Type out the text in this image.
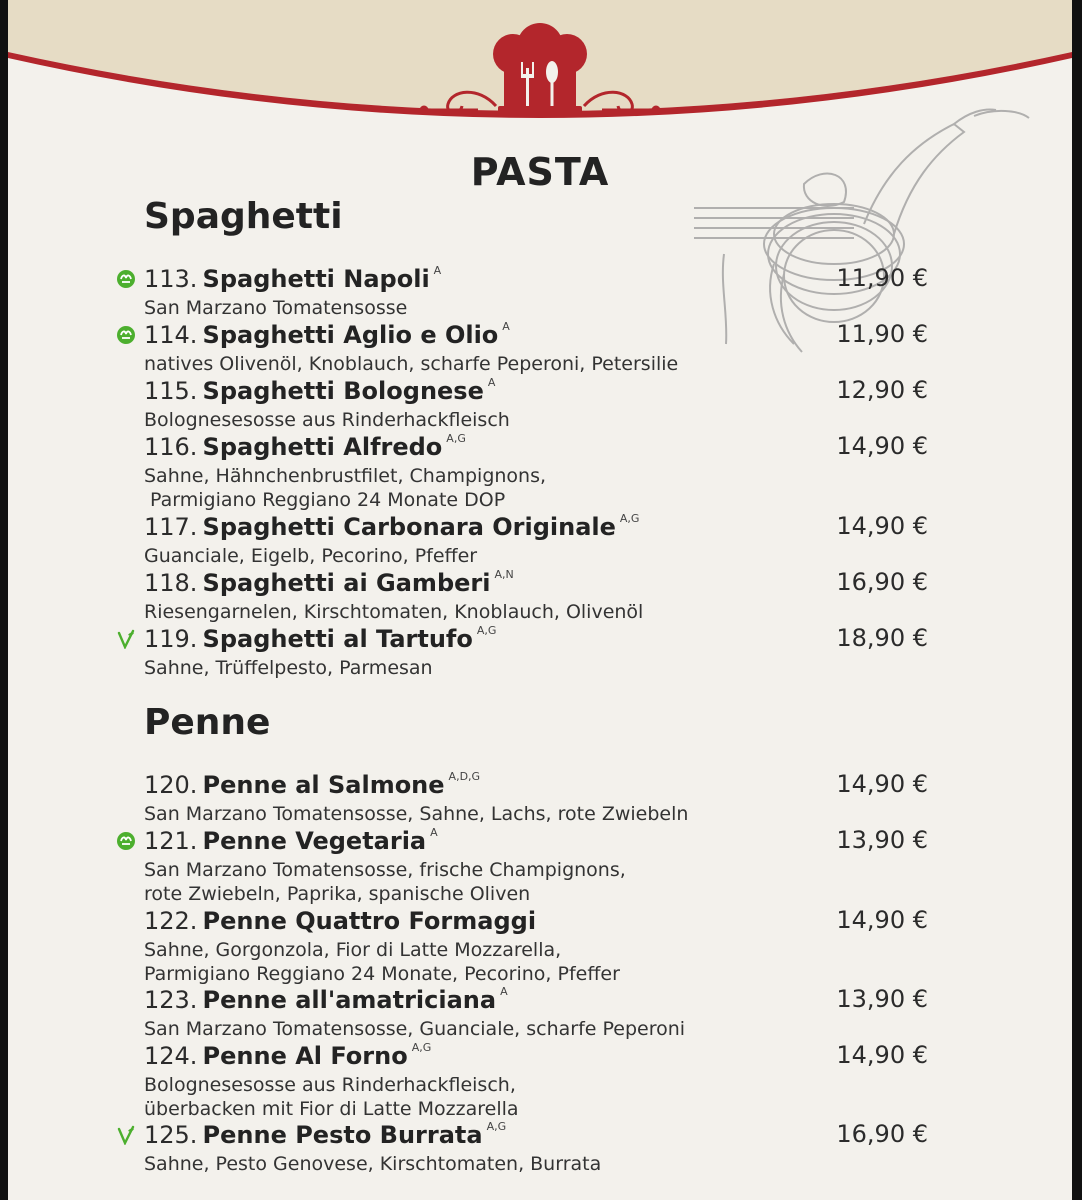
PASTA
Spaghetti
113. Spaghetti Napoli $^A$	11,90 €
San Marzano Tomatensosse
114. Spaghetti Aglio e Olio $^A$	11,90 €
natives Olivenöl, Knoblauch, scharfe Peperoni, Petersilie
115. Spaghetti Bolognese $^A$	12,90 €
Bolognesesosse aus Rinderhackfleisch
116. Spaghetti Alfredo $^{A,G}$	14,90 €
Sahne, Hähnchenbrustfilet, Champignons,
Parmigiano Reggiano 24 Monate DOP
117. Spaghetti Carbonara Originale $^{A,G}$	14,90 €
Guanciale, Eigelb, Pecorino, Pfeffer
118. Spaghetti ai Gamberi $^{A,N}$	16,90 €
Riesengarnelen, Kirschtomaten, Knoblauch, Olivenöl
119. Spaghetti al Tartufo $^{A,G}$	18,90 €
Sahne, Trüffelpesto, Parmesan
Penne
120. Penne al Salmone $^{A,D,G}$	14,90 €
San Marzano Tomatensosse, Sahne, Lachs, rote Zwiebeln
121. Penne Vegetaria $^A$	13,90 €
San Marzano Tomatensosse, frische Champignons,
rote Zwiebeln, Paprika, spanische Oliven
122. Penne Quattro Formaggi	14,90 €
Sahne, Gorgonzola, Fior di Latte Mozzarella,
Parmigiano Reggiano 24 Monate, Pecorino, Pfeffer
123. Penne all'amatriciana $^A$	13,90 €
San Marzano Tomatensosse, Guanciale, scharfe Peperoni
124. Penne Al Forno $^{A,G}$	14,90 €
Bolognesesosse aus Rinderhackfleisch,
überbacken mit Fior di Latte Mozzarella
125. Penne Pesto Burrata $^{A,G}$	16,90 €
Sahne, Pesto Genovese, Kirschtomaten, Burrata
